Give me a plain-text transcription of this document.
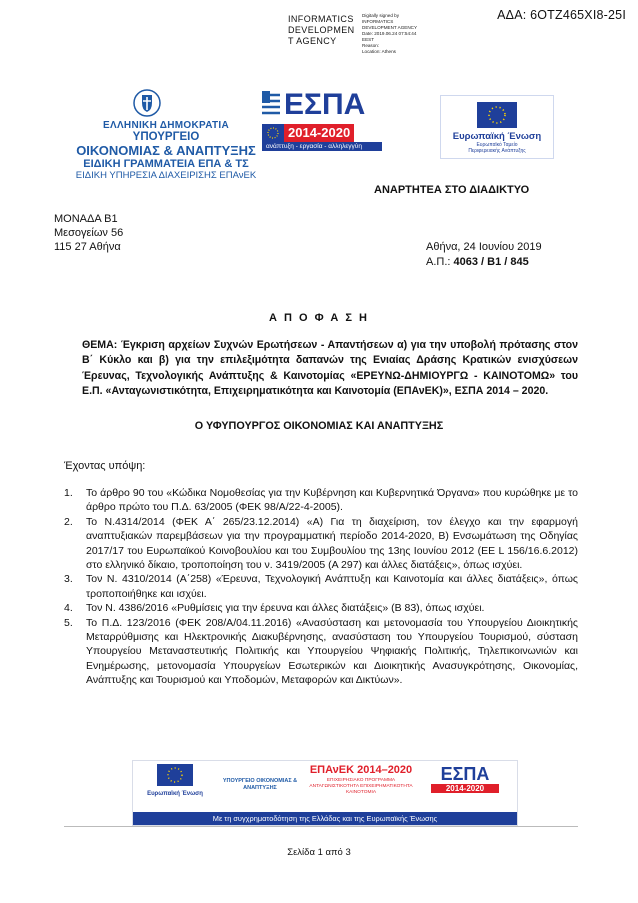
ΑΔΑ: 6ΟΤΖ465ΧΙ8-25Ι
INFORMATICS DEVELOPMEN T AGENCY
Digitally signed by
INFORMATICS
DEVELOPMENT AGENCY
Date: 2019.06.24 07:54:44
EEST
Reason:
Location: Athens
ΕΛΛΗΝΙΚΗ ΔΗΜΟΚΡΑΤΙΑ
ΥΠΟΥΡΓΕΙΟ
ΟΙΚΟΝΟΜΙΑΣ & ΑΝΑΠΤΥΞΗΣ
ΕΙΔΙΚΗ ΓΡΑΜΜΑΤΕΙΑ ΕΠΑ & ΤΣ
ΕΙΔΙΚΗ ΥΠΗΡΕΣΙΑ ΔΙΑΧΕΙΡΙΣΗΣ ΕΠΑνΕΚ
ΕΣΠΑ
2014-2020
ανάπτυξη - εργασία - αλληλεγγύη
Ευρωπαϊκή Ένωση
Ευρωπαϊκό Ταμείο
Περιφερειακής Ανάπτυξης
ΑΝΑΡΤΗΤΕΑ ΣΤΟ ΔΙΑΔΙΚΤΥΟ
ΜΟΝΑΔΑ Β1
Μεσογείων 56
115 27 Αθήνα	Αθήνα, 24 Ιουνίου 2019
Α.Π.: 4063 / Β1 / 845
Α Π Ο Φ Α Σ Η
ΘΕΜΑ: Έγκριση αρχείων Συχνών Ερωτήσεων - Απαντήσεων α) για την υποβολή πρότασης στον Β΄ Κύκλο και β) για την επιλεξιμότητα δαπανών της Ενιαίας Δράσης Κρατικών ενισχύσεων Έρευνας, Τεχνολογικής Ανάπτυξης & Καινοτομίας «ΕΡΕΥΝΩ-ΔΗΜΙΟΥΡΓΩ - ΚΑΙΝΟΤΟΜΩ» του Ε.Π. «Ανταγωνιστικότητα, Επιχειρηματικότητα και Καινοτομία (ΕΠΑνΕΚ)», ΕΣΠΑ 2014 – 2020.
Ο ΥΦΥΠΟΥΡΓΟΣ ΟΙΚΟΝΟΜΙΑΣ ΚΑΙ ΑΝΑΠΤΥΞΗΣ
Έχοντας υπόψη:
1. Το άρθρο 90 του «Κώδικα Νομοθεσίας για την Κυβέρνηση και Κυβερνητικά Όργανα» που κυρώθηκε με το άρθρο πρώτο του Π.Δ. 63/2005 (ΦΕΚ 98/Α/22-4-2005).
2. Το Ν.4314/2014 (ΦΕΚ Α΄ 265/23.12.2014) «Α) Για τη διαχείριση, τον έλεγχο και την εφαρμογή αναπτυξιακών παρεμβάσεων για την προγραμματική περίοδο 2014-2020, Β) Ενσωμάτωση της Οδηγίας 2017/17 του Ευρωπαϊκού Κοινοβουλίου και του Συμβουλίου της 13ης Ιουνίου 2012 (ΕΕ L 156/16.6.2012) στο ελληνικό δίκαιο, τροποποίηση του ν. 3419/2005 (Α 297) και άλλες διατάξεις», όπως ισχύει.
3. Τον Ν. 4310/2014 (Α΄258) «Έρευνα, Τεχνολογική Ανάπτυξη και Καινοτομία και άλλες διατάξεις», όπως τροποποιήθηκε και ισχύει.
4. Τον Ν. 4386/2016 «Ρυθμίσεις για την έρευνα και άλλες διατάξεις» (Β 83), όπως ισχύει.
5. Το Π.Δ. 123/2016 (ΦΕΚ 208/Α/04.11.2016) «Ανασύσταση και μετονομασία του Υπουργείου Διοικητικής Μεταρρύθμισης και Ηλεκτρονικής Διακυβέρνησης, ανασύσταση του Υπουργείου Τουρισμού, σύσταση Υπουργείου Μεταναστευτικής Πολιτικής και Υπουργείου Ψηφιακής Πολιτικής, Τηλεπικοινωνιών και Ενημέρωσης, μετονομασία Υπουργείων Εσωτερικών και Διοικητικής Ανασυγκρότησης, Οικονομίας, Ανάπτυξης και Τουρισμού και Υποδομών, Μεταφορών και Δικτύων».
Ευρωπαϊκή Ένωση
ΥΠΟΥΡΓΕΙΟ ΟΙΚΟΝΟΜΙΑΣ & ΑΝΑΠΤΥΞΗΣ
ΕΠΑνΕΚ 2014–2020
ΕΠΙΧΕΙΡΗΣΙΑΚΟ ΠΡΟΓΡΑΜΜΑ ΑΝΤΑΓΩΝΙΣΤΙΚΟΤΗΤΑ ΕΠΙΧΕΙΡΗΜΑΤΙΚΟΤΗΤΑ ΚΑΙΝΟΤΟΜΙΑ
ΕΣΠΑ
2014-2020
Με τη συγχρηματοδότηση της Ελλάδας και της Ευρωπαϊκής Ένωσης
Σελίδα 1 από 3
